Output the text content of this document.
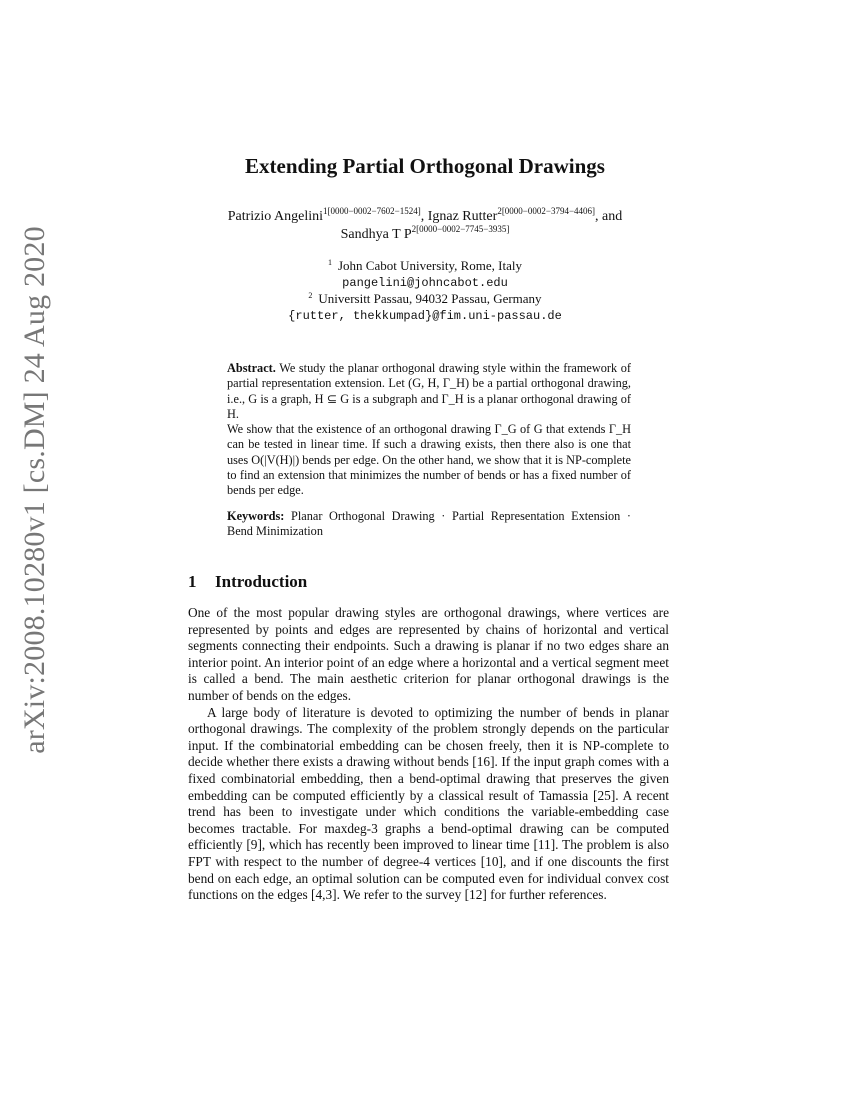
arXiv:2008.10280v1 [cs.DM] 24 Aug 2020
Extending Partial Orthogonal Drawings
Patrizio Angelini$^{1[0000-0002-7602-1524]}$, Ignaz Rutter$^{2[0000-0002-3794-4406]}$, and
Sandhya T $P^{2[0000-0002-7745-3935]}$
$^1$ John Cabot University, Rome, Italy
pangelini@johncabot.edu
$^2$ Universitt Passau, 94032 Passau, Germany
{rutter, thekkumpad}@fim.uni-passau.de

Abstract. We study the planar orthogonal drawing style within the framework of partial representation extension. Let (G, H, Γ_H) be a partial orthogonal drawing, i.e., G is a graph, H ⊆ G is a subgraph and Γ_H is a planar orthogonal drawing of H.

We show that the existence of an orthogonal drawing Γ_G of G that extends Γ_H can be tested in linear time. If such a drawing exists, then there also is one that uses O(|V(H)|) bends per edge. On the other hand, we show that it is NP-complete to find an extension that minimizes the number of bends or has a fixed number of bends per edge.

Keywords: Planar Orthogonal Drawing · Partial Representation Extension · Bend Minimization

1 Introduction

One of the most popular drawing styles are orthogonal drawings, where vertices are represented by points and edges are represented by chains of horizontal and vertical segments connecting their endpoints. Such a drawing is planar if no two edges share an interior point. An interior point of an edge where a horizontal and a vertical segment meet is called a bend. The main aesthetic criterion for planar orthogonal drawings is the number of bends on the edges.

A large body of literature is devoted to optimizing the number of bends in planar orthogonal drawings. The complexity of the problem strongly depends on the particular input. If the combinatorial embedding can be chosen freely, then it is NP-complete to decide whether there exists a drawing without bends [16]. If the input graph comes with a fixed combinatorial embedding, then a bend-optimal drawing that preserves the given embedding can be computed efficiently by a classical result of Tamassia [25]. A recent trend has been to investigate under which conditions the variable-embedding case becomes tractable. For maxdeg-3 graphs a bend-optimal drawing can be computed efficiently [9], which has recently been improved to linear time [11]. The problem is also FPT with respect to the number of degree-4 vertices [10], and if one discounts the first bend on each edge, an optimal solution can be computed even for individual convex cost functions on the edges [4,3]. We refer to the survey [12] for further references.
